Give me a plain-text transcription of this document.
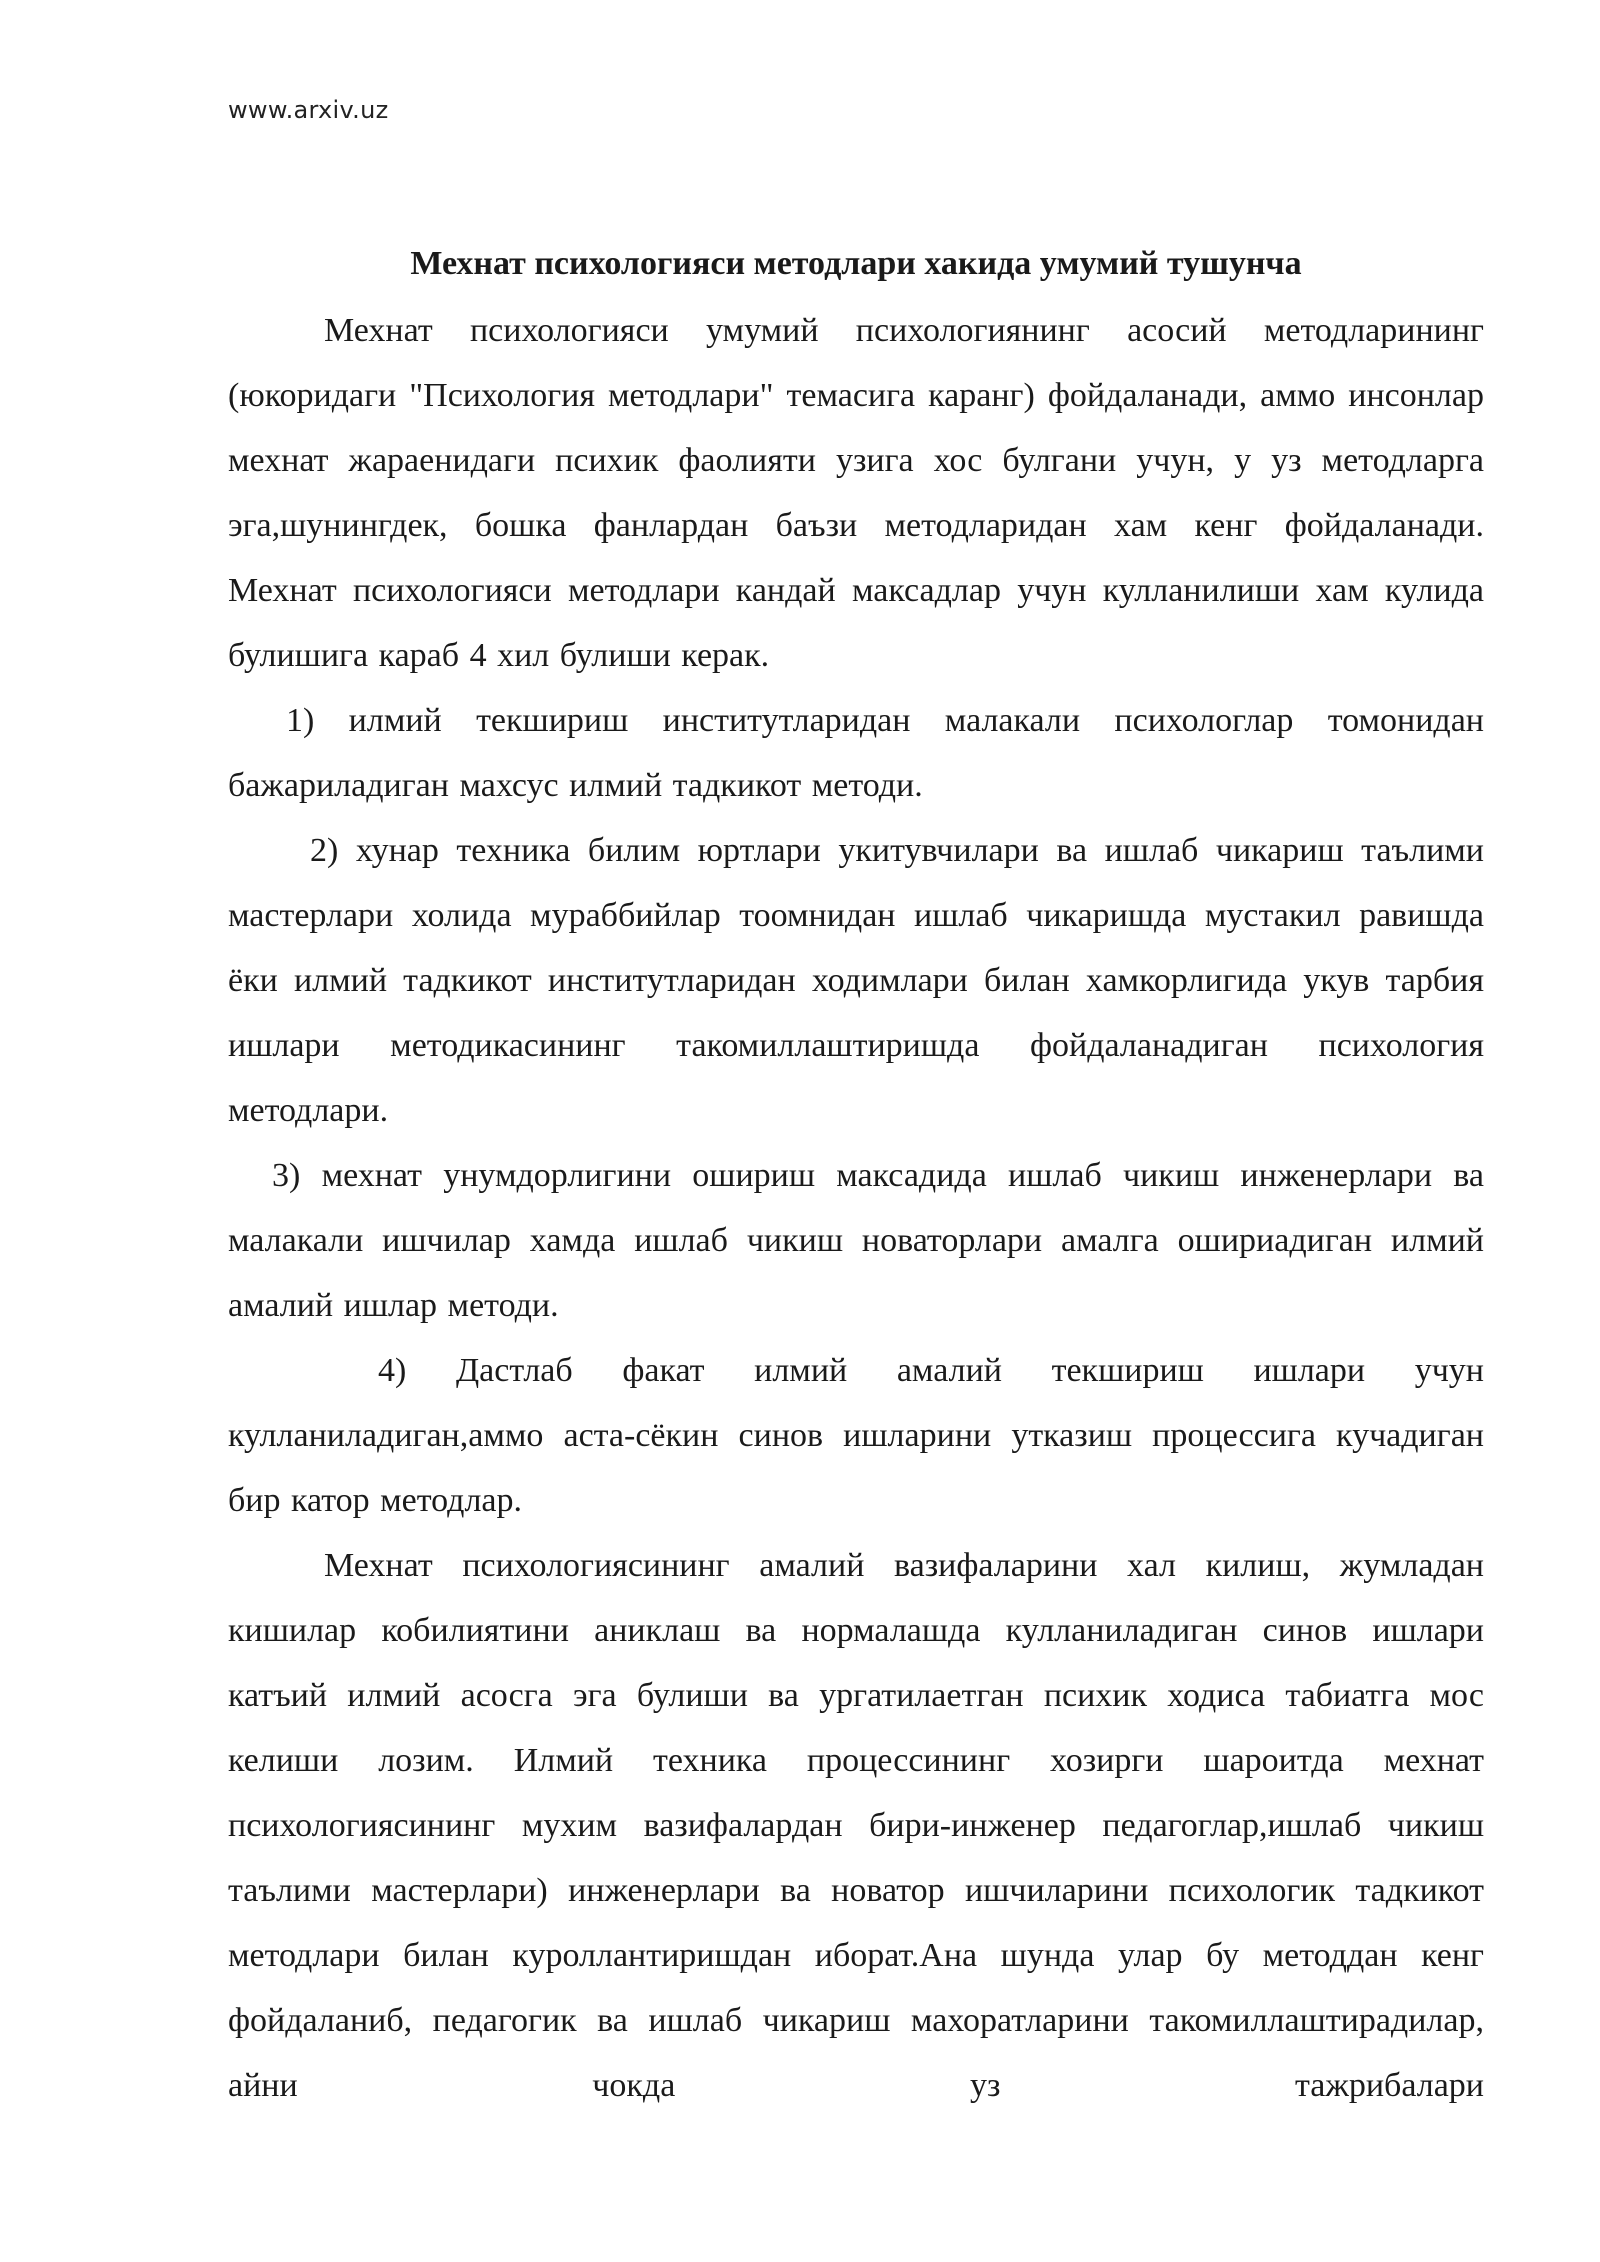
www.arxiv.uz

Мехнат психологияси методлари хакида умумий тушунча

Мехнат психологияси умумий психологиянинг асосий методларининг (юкоридаги "Психология методлари" темасига каранг) фойдаланади, аммо инсонлар мехнат жараенидаги психик фаолияти узига хос булгани учун, у уз методларга эга,шунингдек, бошка фанлардан баъзи методларидан хам кенг фойдаланади. Мехнат психологияси методлари кандай максадлар учун кулланилиши хам кулида булишига караб 4 хил булиши керак.

1) илмий текшириш институтларидан малакали психологлар томонидан бажариладиган махсус илмий тадкикот методи.

2) хунар техника билим юртлари укитувчилари ва ишлаб чикариш таълими мастерлари холида мураббийлар тоомнидан ишлаб чикаришда мустакил равишда ёки илмий тадкикот институтларидан ходимлари билан хамкорлигида укув тарбия ишлари методикасининг такомиллаштиришда фойдаланадиган психология методлари.

3) мехнат унумдорлигини ошириш максадида ишлаб чикиш инженерлари ва малакали ишчилар хамда ишлаб чикиш новаторлари амалга ошириадиган илмий амалий ишлар методи.

4) Дастлаб факат илмий амалий текшириш ишлари учун кулланиладиган,аммо аста-сёкин синов ишларини утказиш процессига кучадиган бир катор методлар.

Мехнат психологиясининг амалий вазифаларини хал килиш, жумладан кишилар кобилиятини аниклаш ва нормалашда кулланиладиган синов ишлари катъий илмий асосга эга булиши ва ургатилаетган психик ходиса табиатга мос келиши лозим. Илмий техника процессининг хозирги шароитда мехнат психологиясининг мухим вазифалардан бири-инженер педагоглар,ишлаб чикиш таълими мастерлари) инженерлари ва новатор ишчиларини психологик тадкикот методлари билан куроллантиришдан иборат.Ана шунда улар бу методдан кенг фойдаланиб, педагогик ва ишлаб чикариш махоратларини такомиллаштирадилар, айни чокда уз тажрибалари
